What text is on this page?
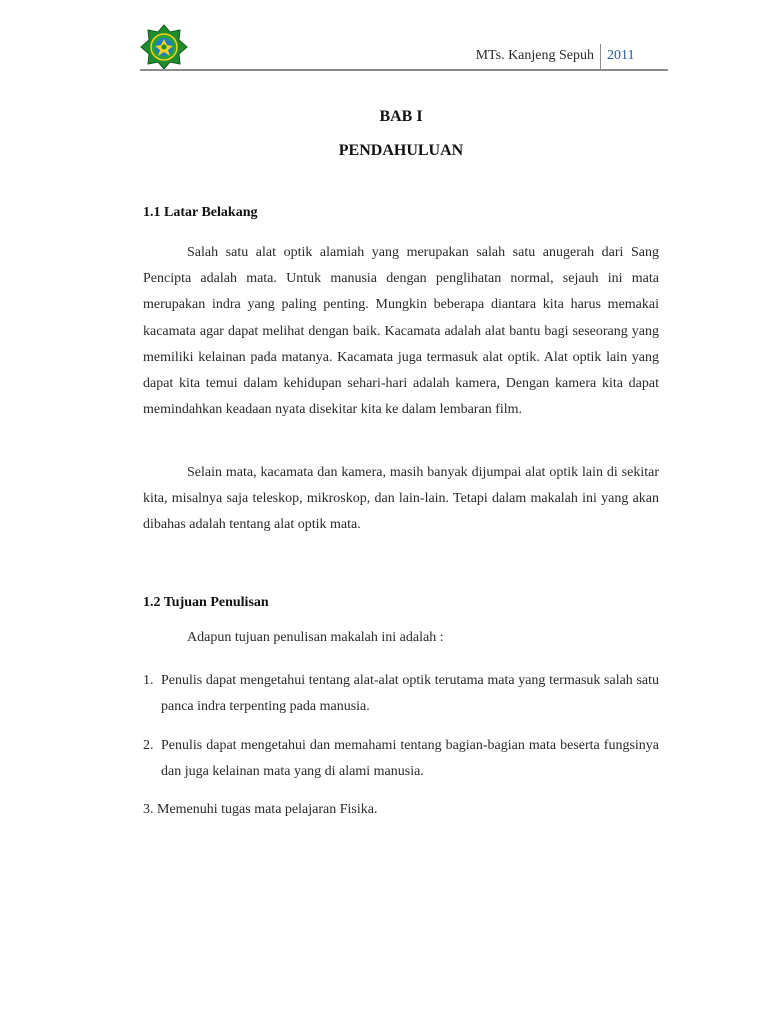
MTs. Kanjeng Sepuh 2011
BAB I
PENDAHULUAN
1.1 Latar Belakang

Salah satu alat optik alamiah yang merupakan salah satu anugerah dari Sang Pencipta adalah mata. Untuk manusia dengan penglihatan normal, sejauh ini mata merupakan indra yang paling penting. Mungkin beberapa diantara kita harus memakai kacamata agar dapat melihat dengan baik. Kacamata adalah alat bantu bagi seseorang yang memiliki kelainan pada matanya. Kacamata juga termasuk alat optik. Alat optik lain yang dapat kita temui dalam kehidupan sehari-hari adalah kamera, Dengan kamera kita dapat memindahkan keadaan nyata disekitar kita ke dalam lembaran film.

Selain mata, kacamata dan kamera, masih banyak dijumpai alat optik lain di sekitar kita, misalnya saja teleskop, mikroskop, dan lain-lain. Tetapi dalam makalah ini yang akan dibahas adalah tentang alat optik mata.

1.2 Tujuan Penulisan
Adapun tujuan penulisan makalah ini adalah :
1. Penulis dapat mengetahui tentang alat-alat optik terutama mata yang termasuk salah satu panca indra terpenting pada manusia.
2. Penulis dapat mengetahui dan memahami tentang bagian-bagian mata beserta fungsinya dan juga kelainan mata yang di alami manusia.
3. Memenuhi tugas mata pelajaran Fisika.
